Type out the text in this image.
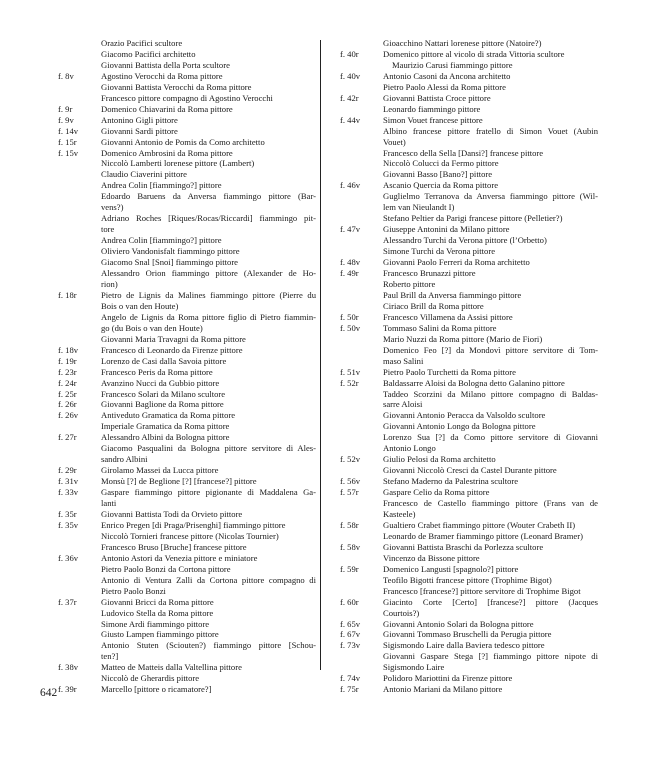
Orazio Pacifici scultore
Giacomo Pacifici architetto
Giovanni Battista della Porta scultore
f. 8v	Agostino Verocchi da Roma pittore
Giovanni Battista Verocchi da Roma pittore
Francesco pittore compagno di Agostino Verocchi
f. 9r	Domenico Chiavarini da Roma pittore
f. 9v	Antonino Gigli pittore
f. 14v	Giovanni Sardi pittore
f. 15r	Giovanni Antonio de Pomis da Como architetto
f. 15v	Domenico Ambrosini da Roma pittore
Niccolò Lamberti lorenese pittore (Lambert)
Claudio Ciaverini pittore
Andrea Colin [fiammingo?] pittore
Edoardo Baruens da Anversa fiammingo pittore (Bar-
vens?)
Adriano Roches [Riques/Rocas/Riccardi] fiammingo pit-
tore
Andrea Colin [fiammingo?] pittore
Oliviero Vandonisfalt fiammingo pittore
Giacomo Snal [Snoi] fiammingo pittore
Alessandro Orion fiammingo pittore (Alexander de Ho-
rion)
f. 18r	Pietro de Lignis da Malines fiammingo pittore (Pierre du
Bois o van den Houte)
Angelo de Lignis da Roma pittore figlio di Pietro fiammin-
go (du Bois o van den Houte)
Giovanni Maria Travagni da Roma pittore
f. 18v	Francesco di Leonardo da Firenze pittore
f. 19r	Lorenzo de Casi dalla Savoia pittore
f. 23r	Francesco Peris da Roma pittore
f. 24r	Avanzino Nucci da Gubbio pittore
f. 25r	Francesco Solari da Milano scultore
f. 26r	Giovanni Baglione da Roma pittore
f. 26v	Antiveduto Gramatica da Roma pittore
Imperiale Gramatica da Roma pittore
f. 27r	Alessandro Albini da Bologna pittore
Giacomo Pasqualini da Bologna pittore servitore di Ales-
sandro Albini
f. 29r	Girolamo Massei da Lucca pittore
f. 31v	Monsù [?] de Beglione [?] [francese?] pittore
f. 33v	Gaspare fiammingo pittore pigionante di Maddalena Ga-
lanti
f. 35r	Giovanni Battista Todi da Orvieto pittore
f. 35v	Enrico Pregen [di Praga/Prisenghi] fiammingo pittore
Niccolò Tornieri francese pittore (Nicolas Tournier)
Francesco Bruso [Bruche] francese pittore
f. 36v	Antonio Astori da Venezia pittore e miniatore
Pietro Paolo Bonzi da Cortona pittore
Antonio di Ventura Zalli da Cortona pittore compagno di
Pietro Paolo Bonzi
f. 37r	Giovanni Bricci da Roma pittore
Ludovico Stella da Roma pittore
Simone Ardi fiammingo pittore
Giusto Lampen fiammingo pittore
Antonio Stuten (Sciouten?) fiammingo pittore [Schou-
ten?]
f. 38v	Matteo de Matteis dalla Valtellina pittore
Niccolò de Gherardis pittore
f. 39r	Marcello [pittore o ricamatore?]
Gioacchino Nattari lorenese pittore (Natoire?)
f. 40r	Domenico pittore al vicolo di strada Vittoria scultore
Maurizio Carusi fiammingo pittore
f. 40v	Antonio Casoni da Ancona architetto
Pietro Paolo Alessi da Roma pittore
f. 42r	Giovanni Battista Croce pittore
Leonardo fiammingo pittore
f. 44v	Simon Vouet francese pittore
Albino francese pittore fratello di Simon Vouet (Aubin
Vouet)
Francesco della Sella [Dansi?] francese pittore
Niccolò Colucci da Fermo pittore
Giovanni Basso [Bano?] pittore
f. 46v	Ascanio Quercia da Roma pittore
Guglielmo Terranova da Anversa fiammingo pittore (Wil-
lem van Nieulandt I)
Stefano Peltier da Parigi francese pittore (Pelletier?)
f. 47v	Giuseppe Antonini da Milano pittore
Alessandro Turchi da Verona pittore (l’Orbetto)
Simone Turchi da Verona pittore
f. 48v	Giovanni Paolo Ferreri da Roma architetto
f. 49r	Francesco Brunazzi pittore
Roberto pittore
Paul Brill da Anversa fiammingo pittore
Ciriaco Brill da Roma pittore
f. 50r	Francesco Villamena da Assisi pittore
f. 50v	Tommaso Salini da Roma pittore
Mario Nuzzi da Roma pittore (Mario de Fiori)
Domenico Feo [?] da Mondovì pittore servitore di Tom-
maso Salini
f. 51v	Pietro Paolo Turchetti da Roma pittore
f. 52r	Baldassarre Aloisi da Bologna detto Galanino pittore
Taddeo Scorzini da Milano pittore compagno di Baldas-
sarre Aloisi
Giovanni Antonio Peracca da Valsoldo scultore
Giovanni Antonio Longo da Bologna pittore
Lorenzo Sua [?] da Como pittore servitore di Giovanni
Antonio Longo
f. 52v	Giulio Pelosi da Roma architetto
Giovanni Niccolò Cresci da Castel Durante pittore
f. 56v	Stefano Maderno da Palestrina scultore
f. 57r	Gaspare Celio da Roma pittore
Francesco de Castello fiammingo pittore (Frans van de
Kasteele)
f. 58r	Gualtiero Crabet fiammingo pittore (Wouter Crabeth II)
Leonardo de Bramer fiammingo pittore (Leonard Bramer)
f. 58v	Giovanni Battista Braschi da Porlezza scultore
Vincenzo da Bissone pittore
f. 59r	Domenico Langusti [spagnolo?] pittore
Teofilo Bigotti francese pittore (Trophime Bigot)
Francesco [francese?] pittore servitore di Trophime Bigot
f. 60r	Giacinto Corte [Certo] [francese?] pittore (Jacques
Courtois?)
f. 65v	Giovanni Antonio Solari da Bologna pittore
f. 67v	Giovanni Tommaso Bruschelli da Perugia pittore
f. 73v	Sigismondo Laire dalla Baviera tedesco pittore
Giovanni Gaspare Stega [?] fiammingo pittore nipote di
Sigismondo Laire
f. 74v	Polidoro Mariottini da Firenze pittore
f. 75r	Antonio Mariani da Milano pittore
642
